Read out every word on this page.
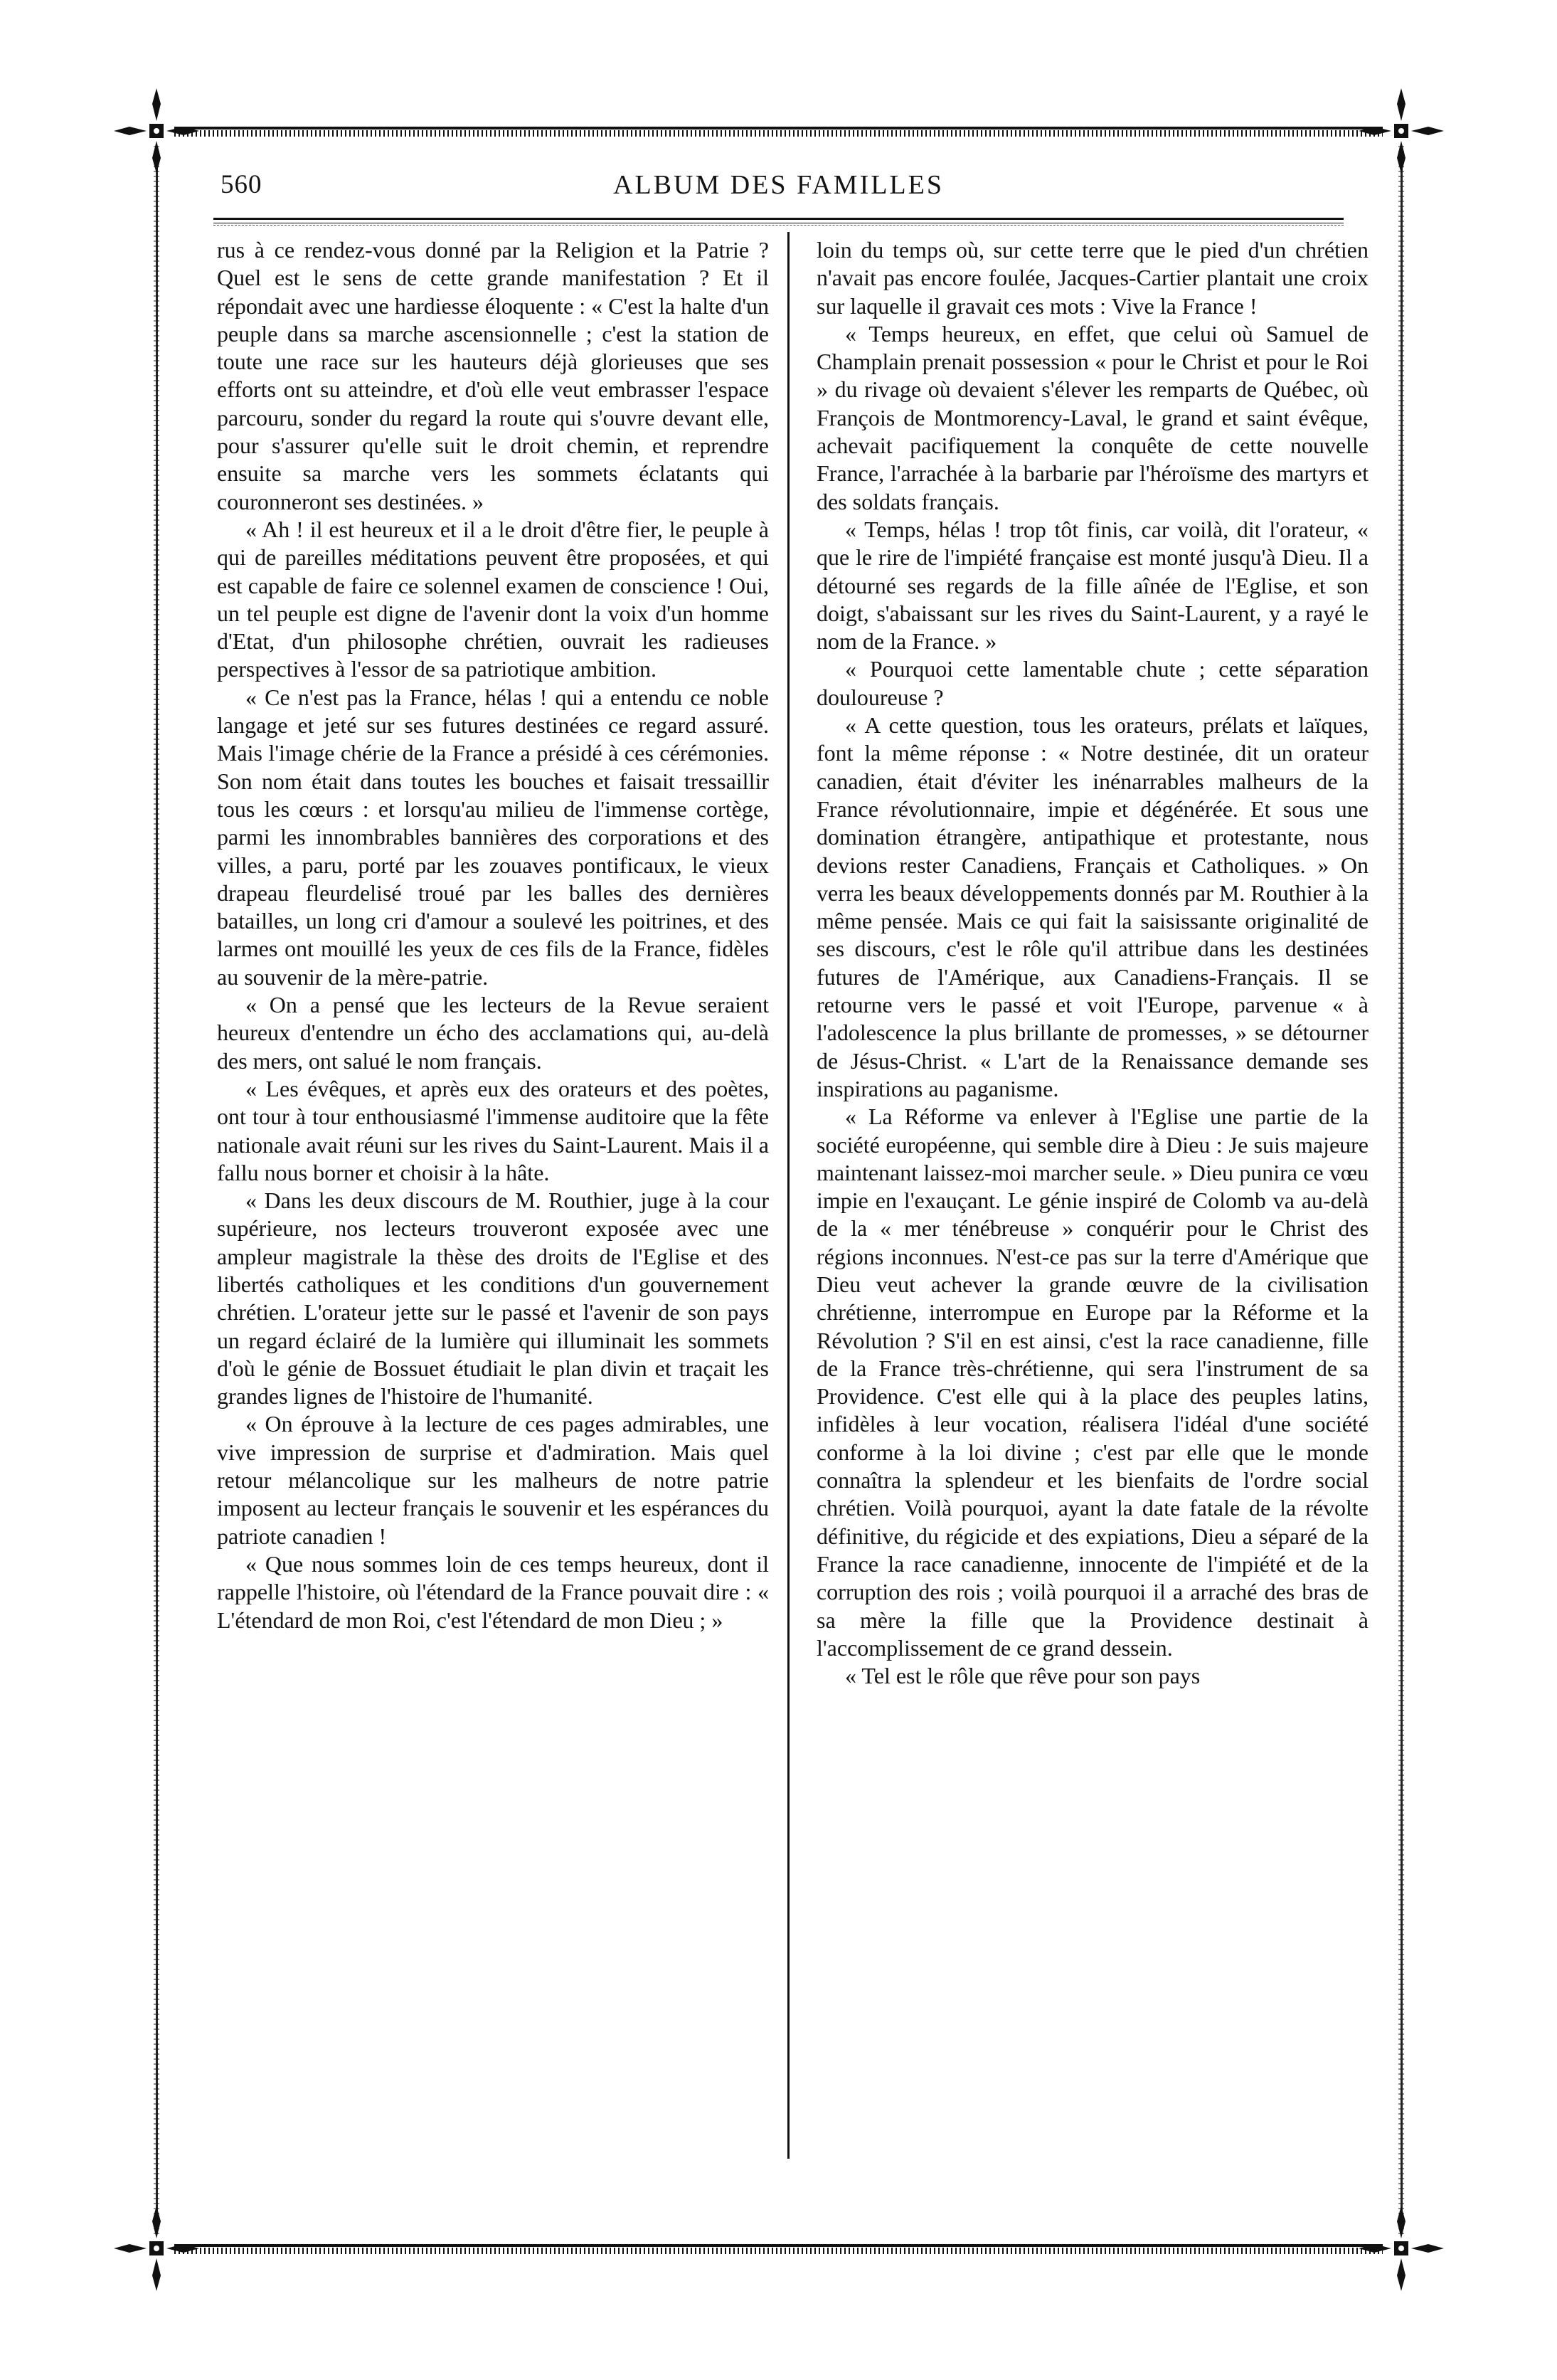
560	ALBUM DES FAMILLES

rus à ce rendez-vous donné par la Religion et la Patrie ? Quel est le sens de cette grande manifestation ? Et il répondait avec une hardiesse éloquente : « C'est la halte d'un peuple dans sa marche ascensionnelle ; c'est la station de toute une race sur les hauteurs déjà glorieuses que ses efforts ont su atteindre, et d'où elle veut embrasser l'espace parcouru, sonder du regard la route qui s'ouvre devant elle, pour s'assurer qu'elle suit le droit chemin, et reprendre ensuite sa marche vers les sommets éclatants qui couronneront ses destinées. »

« Ah ! il est heureux et il a le droit d'être fier, le peuple à qui de pareilles méditations peuvent être proposées, et qui est capable de faire ce solennel examen de conscience ! Oui, un tel peuple est digne de l'avenir dont la voix d'un homme d'Etat, d'un philosophe chrétien, ouvrait les radieuses perspectives à l'essor de sa patriotique ambition.

« Ce n'est pas la France, hélas ! qui a entendu ce noble langage et jeté sur ses futures destinées ce regard assuré. Mais l'image chérie de la France a présidé à ces cérémonies. Son nom était dans toutes les bouches et faisait tressaillir tous les cœurs : et lorsqu'au milieu de l'immense cortège, parmi les innombrables bannières des corporations et des villes, a paru, porté par les zouaves pontificaux, le vieux drapeau fleurdelisé troué par les balles des dernières batailles, un long cri d'amour a soulevé les poitrines, et des larmes ont mouillé les yeux de ces fils de la France, fidèles au souvenir de la mère-patrie.

« On a pensé que les lecteurs de la Revue seraient heureux d'entendre un écho des acclamations qui, au-delà des mers, ont salué le nom français.

« Les évêques, et après eux des orateurs et des poètes, ont tour à tour enthousiasmé l'immense auditoire que la fête nationale avait réuni sur les rives du Saint-Laurent. Mais il a fallu nous borner et choisir à la hâte.

« Dans les deux discours de M. Routhier, juge à la cour supérieure, nos lecteurs trouveront exposée avec une ampleur magistrale la thèse des droits de l'Eglise et des libertés catholiques et les conditions d'un gouvernement chrétien. L'orateur jette sur le passé et l'avenir de son pays un regard éclairé de la lumière qui illuminait les sommets d'où le génie de Bossuet étudiait le plan divin et traçait les grandes lignes de l'histoire de l'humanité.

« On éprouve à la lecture de ces pages admirables, une vive impression de surprise et d'admiration. Mais quel retour mélancolique sur les malheurs de notre patrie imposent au lecteur français le souvenir et les espérances du patriote canadien !

« Que nous sommes loin de ces temps heureux, dont il rappelle l'histoire, où l'étendard de la France pouvait dire : « L'étendard de mon Roi, c'est l'étendard de mon Dieu ; »

loin du temps où, sur cette terre que le pied d'un chrétien n'avait pas encore foulée, Jacques-Cartier plantait une croix sur laquelle il gravait ces mots : Vive la France !

« Temps heureux, en effet, que celui où Samuel de Champlain prenait possession « pour le Christ et pour le Roi » du rivage où devaient s'élever les remparts de Québec, où François de Montmorency-Laval, le grand et saint évêque, achevait pacifiquement la conquête de cette nouvelle France, l'arrachée à la barbarie par l'héroïsme des martyrs et des soldats français.

« Temps, hélas ! trop tôt finis, car voilà, dit l'orateur, « que le rire de l'impiété française est monté jusqu'à Dieu. Il a détourné ses regards de la fille aînée de l'Eglise, et son doigt, s'abaissant sur les rives du Saint-Laurent, y a rayé le nom de la France. »

« Pourquoi cette lamentable chute ; cette séparation douloureuse ?

« A cette question, tous les orateurs, prélats et laïques, font la même réponse : « Notre destinée, dit un orateur canadien, était d'éviter les inénarrables malheurs de la France révolutionnaire, impie et dégénérée. Et sous une domination étrangère, antipathique et protestante, nous devions rester Canadiens, Français et Catholiques. » On verra les beaux développements donnés par M. Routhier à la même pensée. Mais ce qui fait la saisissante originalité de ses discours, c'est le rôle qu'il attribue dans les destinées futures de l'Amérique, aux Canadiens-Français. Il se retourne vers le passé et voit l'Europe, parvenue « à l'adolescence la plus brillante de promesses, » se détourner de Jésus-Christ. « L'art de la Renaissance demande ses inspirations au paganisme.

« La Réforme va enlever à l'Eglise une partie de la société européenne, qui semble dire à Dieu : Je suis majeure maintenant laissez-moi marcher seule. » Dieu punira ce vœu impie en l'exauçant. Le génie inspiré de Colomb va au-delà de la « mer ténébreuse » conquérir pour le Christ des régions inconnues. N'est-ce pas sur la terre d'Amérique que Dieu veut achever la grande œuvre de la civilisation chrétienne, interrompue en Europe par la Réforme et la Révolution ? S'il en est ainsi, c'est la race canadienne, fille de la France très-chrétienne, qui sera l'instrument de sa Providence. C'est elle qui à la place des peuples latins, infidèles à leur vocation, réalisera l'idéal d'une société conforme à la loi divine ; c'est par elle que le monde connaîtra la splendeur et les bienfaits de l'ordre social chrétien. Voilà pourquoi, ayant la date fatale de la révolte définitive, du régicide et des expiations, Dieu a séparé de la France la race canadienne, innocente de l'impiété et de la corruption des rois ; voilà pourquoi il a arraché des bras de sa mère la fille que la Providence destinait à l'accomplissement de ce grand dessein.

« Tel est le rôle que rêve pour son pays
